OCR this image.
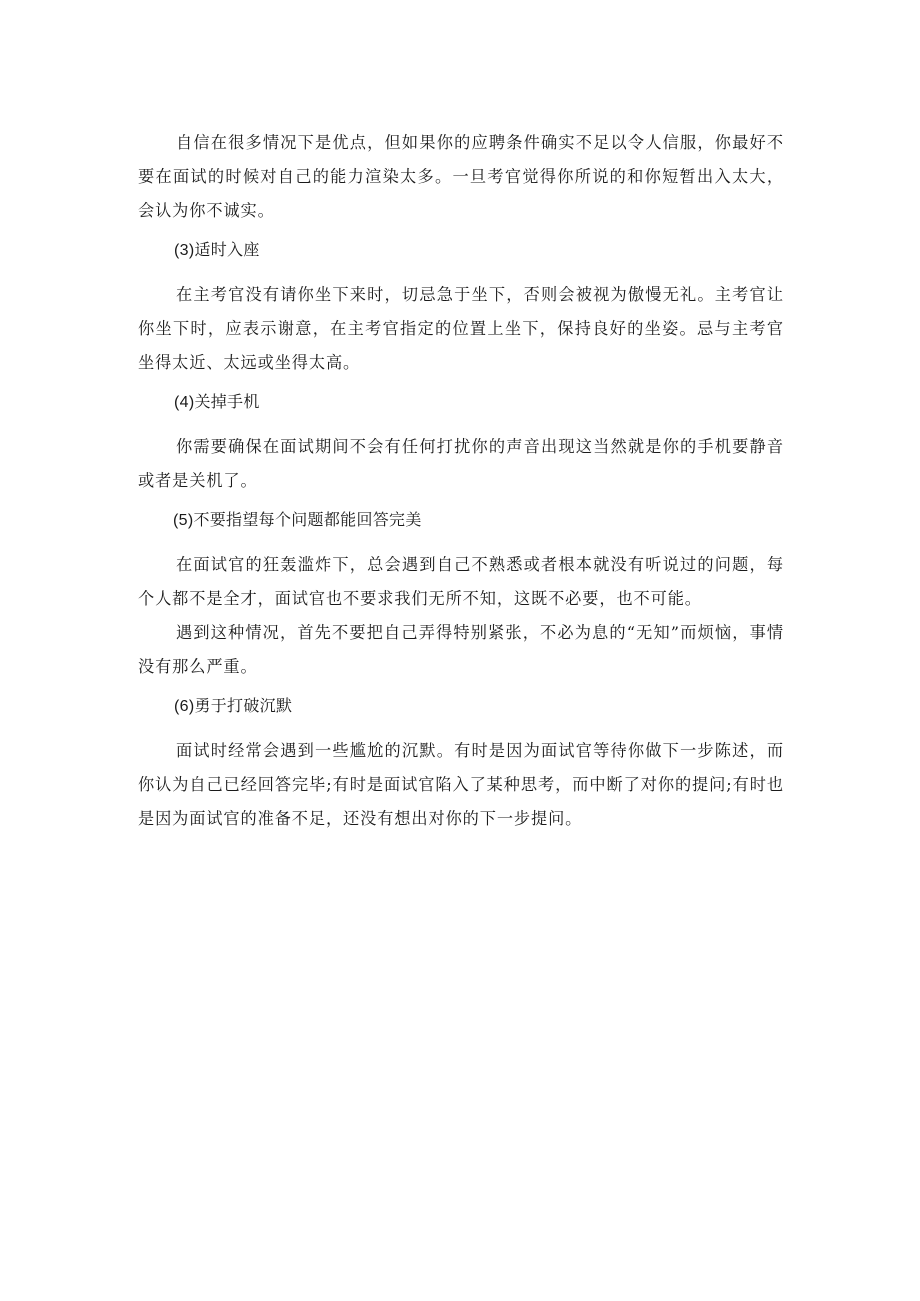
自信在很多情况下是优点，但如果你的应聘条件确实不足以令人信服，你最好不要在面试的时候对自己的能力渲染太多。一旦考官觉得你所说的和你短暂出入太大，会认为你不诚实。

(3)适时入座

在主考官没有请你坐下来时，切忌急于坐下，否则会被视为傲慢无礼。主考官让你坐下时，应表示谢意，在主考官指定的位置上坐下，保持良好的坐姿。忌与主考官坐得太近、太远或坐得太高。

(4)关掉手机

你需要确保在面试期间不会有任何打扰你的声音出现这当然就是你的手机要静音或者是关机了。

(5)不要指望每个问题都能回答完美

在面试官的狂轰滥炸下，总会遇到自己不熟悉或者根本就没有听说过的问题，每个人都不是全才，面试官也不要求我们无所不知，这既不必要，也不可能。

遇到这种情况，首先不要把自己弄得特别紧张，不必为息的“无知”而烦恼，事情没有那么严重。

(6)勇于打破沉默

面试时经常会遇到一些尴尬的沉默。有时是因为面试官等待你做下一步陈述，而你认为自己已经回答完毕;有时是面试官陷入了某种思考，而中断了对你的提问;有时也是因为面试官的准备不足，还没有想出对你的下一步提问。
